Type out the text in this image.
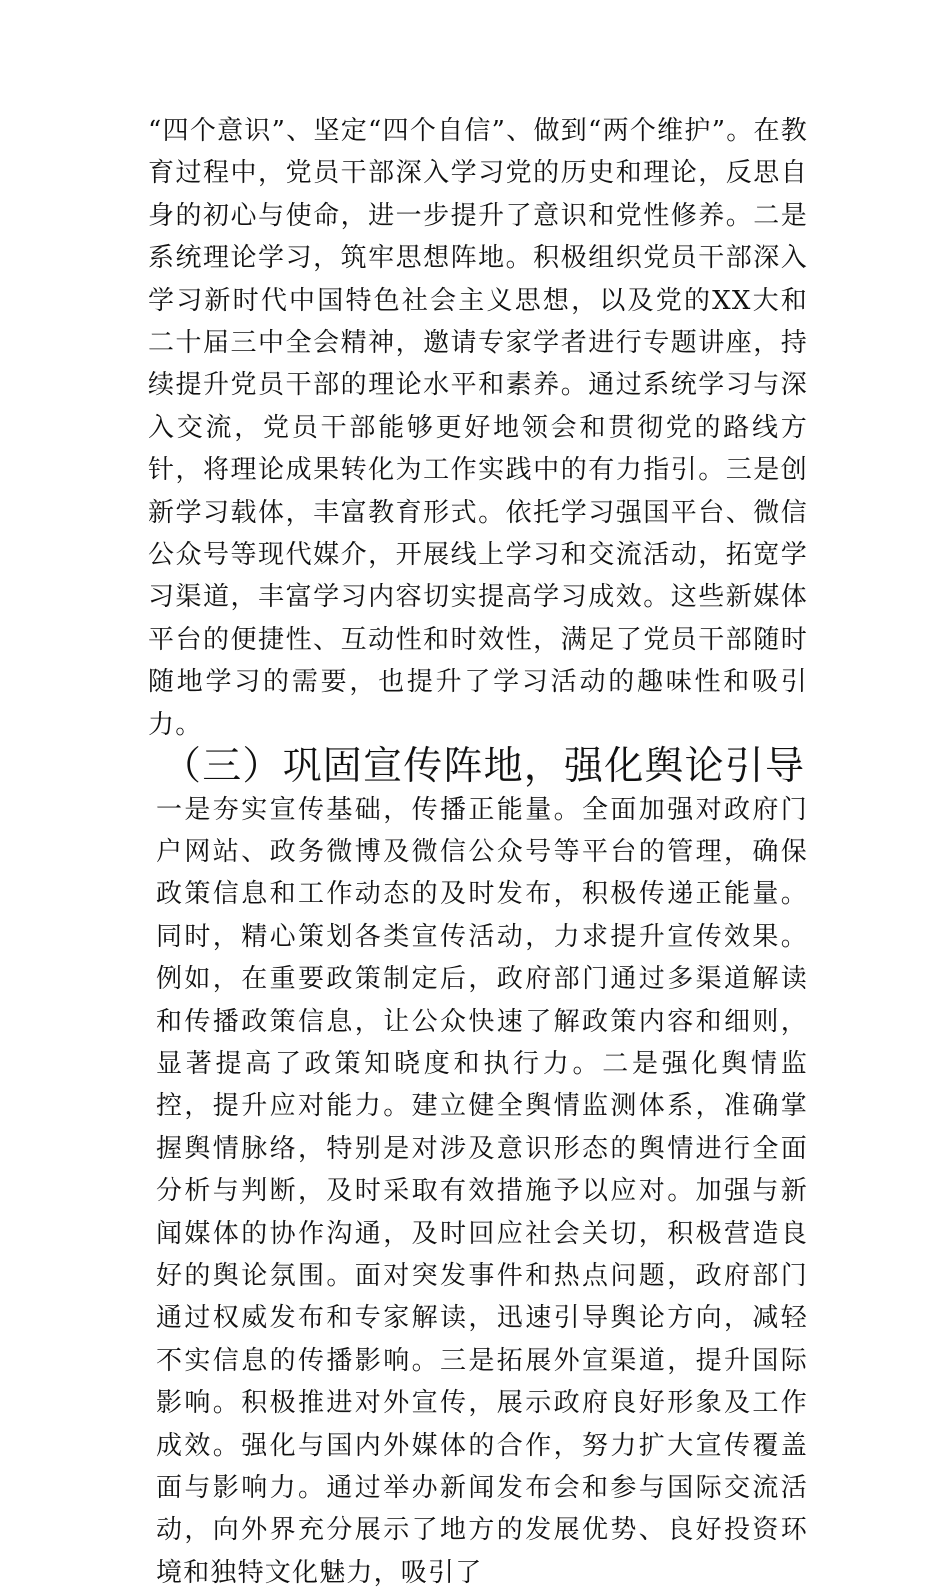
“四个意识”、坚定“四个自信”、做到“两个维护”。在教育过程中，党员干部深入学习党的历史和理论，反思自身的初心与使命，进一步提升了意识和党性修养。二是系统理论学习，筑牢思想阵地。积极组织党员干部深入学习新时代中国特色社会主义思想，以及党的XX大和二十届三中全会精神，邀请专家学者进行专题讲座，持续提升党员干部的理论水平和素养。通过系统学习与深入交流，党员干部能够更好地领会和贯彻党的路线方针，将理论成果转化为工作实践中的有力指引。三是创新学习载体，丰富教育形式。依托学习强国平台、微信公众号等现代媒介，开展线上学习和交流活动，拓宽学习渠道，丰富学习内容切实提高学习成效。这些新媒体平台的便捷性、互动性和时效性，满足了党员干部随时随地学习的需要，也提升了学习活动的趣味性和吸引力。

（三）巩固宣传阵地，强化舆论引导

一是夯实宣传基础，传播正能量。全面加强对政府门户网站、政务微博及微信公众号等平台的管理，确保政策信息和工作动态的及时发布，积极传递正能量。同时，精心策划各类宣传活动，力求提升宣传效果。例如，在重要政策制定后，政府部门通过多渠道解读和传播政策信息，让公众快速了解政策内容和细则，显著提高了政策知晓度和执行力。二是强化舆情监控，提升应对能力。建立健全舆情监测体系，准确掌握舆情脉络，特别是对涉及意识形态的舆情进行全面分析与判断，及时采取有效措施予以应对。加强与新闻媒体的协作沟通，及时回应社会关切，积极营造良好的舆论氛围。面对突发事件和热点问题，政府部门通过权威发布和专家解读，迅速引导舆论方向，减轻不实信息的传播影响。三是拓展外宣渠道，提升国际影响。积极推进对外宣传，展示政府良好形象及工作成效。强化与国内外媒体的合作，努力扩大宣传覆盖面与影响力。通过举办新闻发布会和参与国际交流活动，向外界充分展示了地方的发展优势、良好投资环境和独特文化魅力，吸引了
